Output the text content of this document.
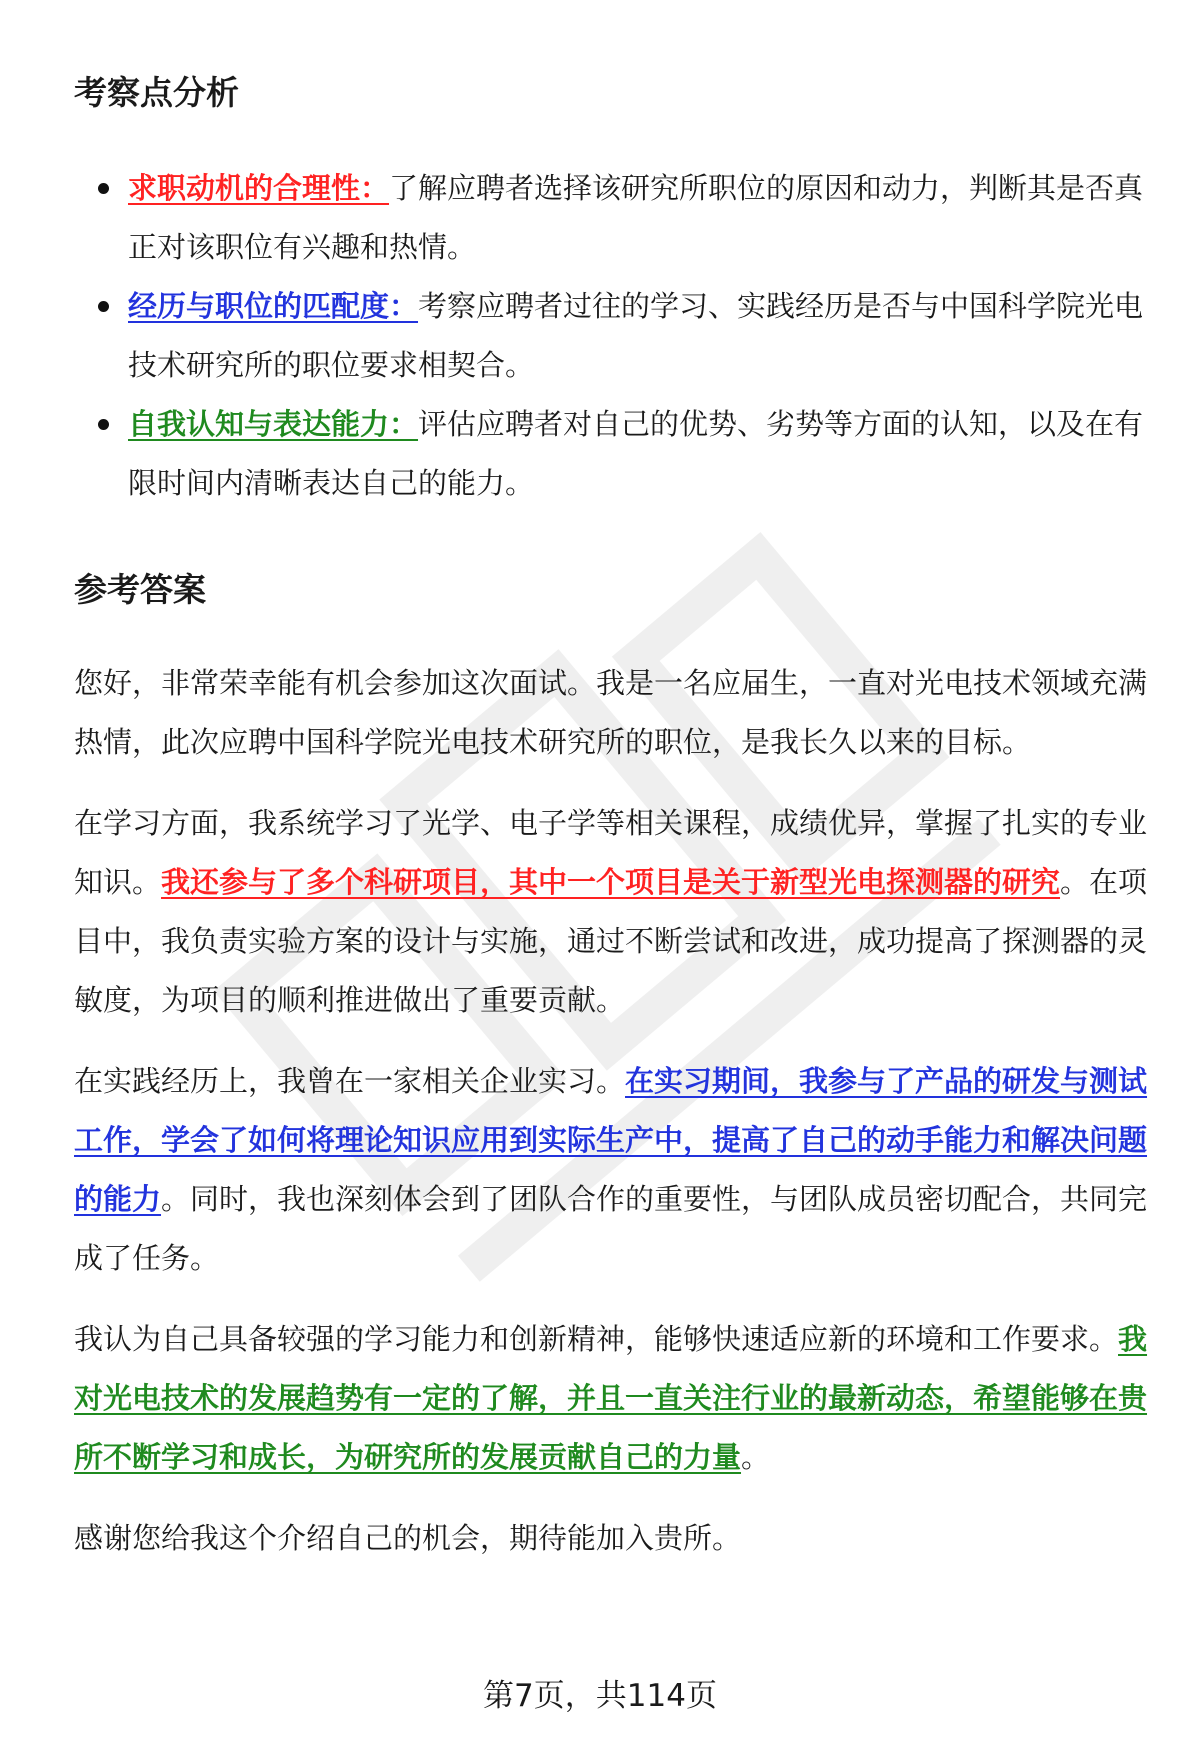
考察点分析
求职动机的合理性：了解应聘者选择该研究所职位的原因和动力，判断其是否真正对该职位有兴趣和热情。
经历与职位的匹配度：考察应聘者过往的学习、实践经历是否与中国科学院光电技术研究所的职位要求相契合。
自我认知与表达能力：评估应聘者对自己的优势、劣势等方面的认知，以及在有限时间内清晰表达自己的能力。
参考答案

您好，非常荣幸能有机会参加这次面试。我是一名应届生，一直对光电技术领域充满热情，此次应聘中国科学院光电技术研究所的职位，是我长久以来的目标。

在学习方面，我系统学习了光学、电子学等相关课程，成绩优异，掌握了扎实的专业知识。我还参与了多个科研项目，其中一个项目是关于新型光电探测器的研究。在项目中，我负责实验方案的设计与实施，通过不断尝试和改进，成功提高了探测器的灵敏度，为项目的顺利推进做出了重要贡献。

在实践经历上，我曾在一家相关企业实习。在实习期间，我参与了产品的研发与测试工作，学会了如何将理论知识应用到实际生产中，提高了自己的动手能力和解决问题的能力。同时，我也深刻体会到了团队合作的重要性，与团队成员密切配合，共同完成了任务。

我认为自己具备较强的学习能力和创新精神，能够快速适应新的环境和工作要求。我对光电技术的发展趋势有一定的了解，并且一直关注行业的最新动态，希望能够在贵所不断学习和成长，为研究所的发展贡献自己的力量。

感谢您给我这个介绍自己的机会，期待能加入贵所。

第7页，共114页
